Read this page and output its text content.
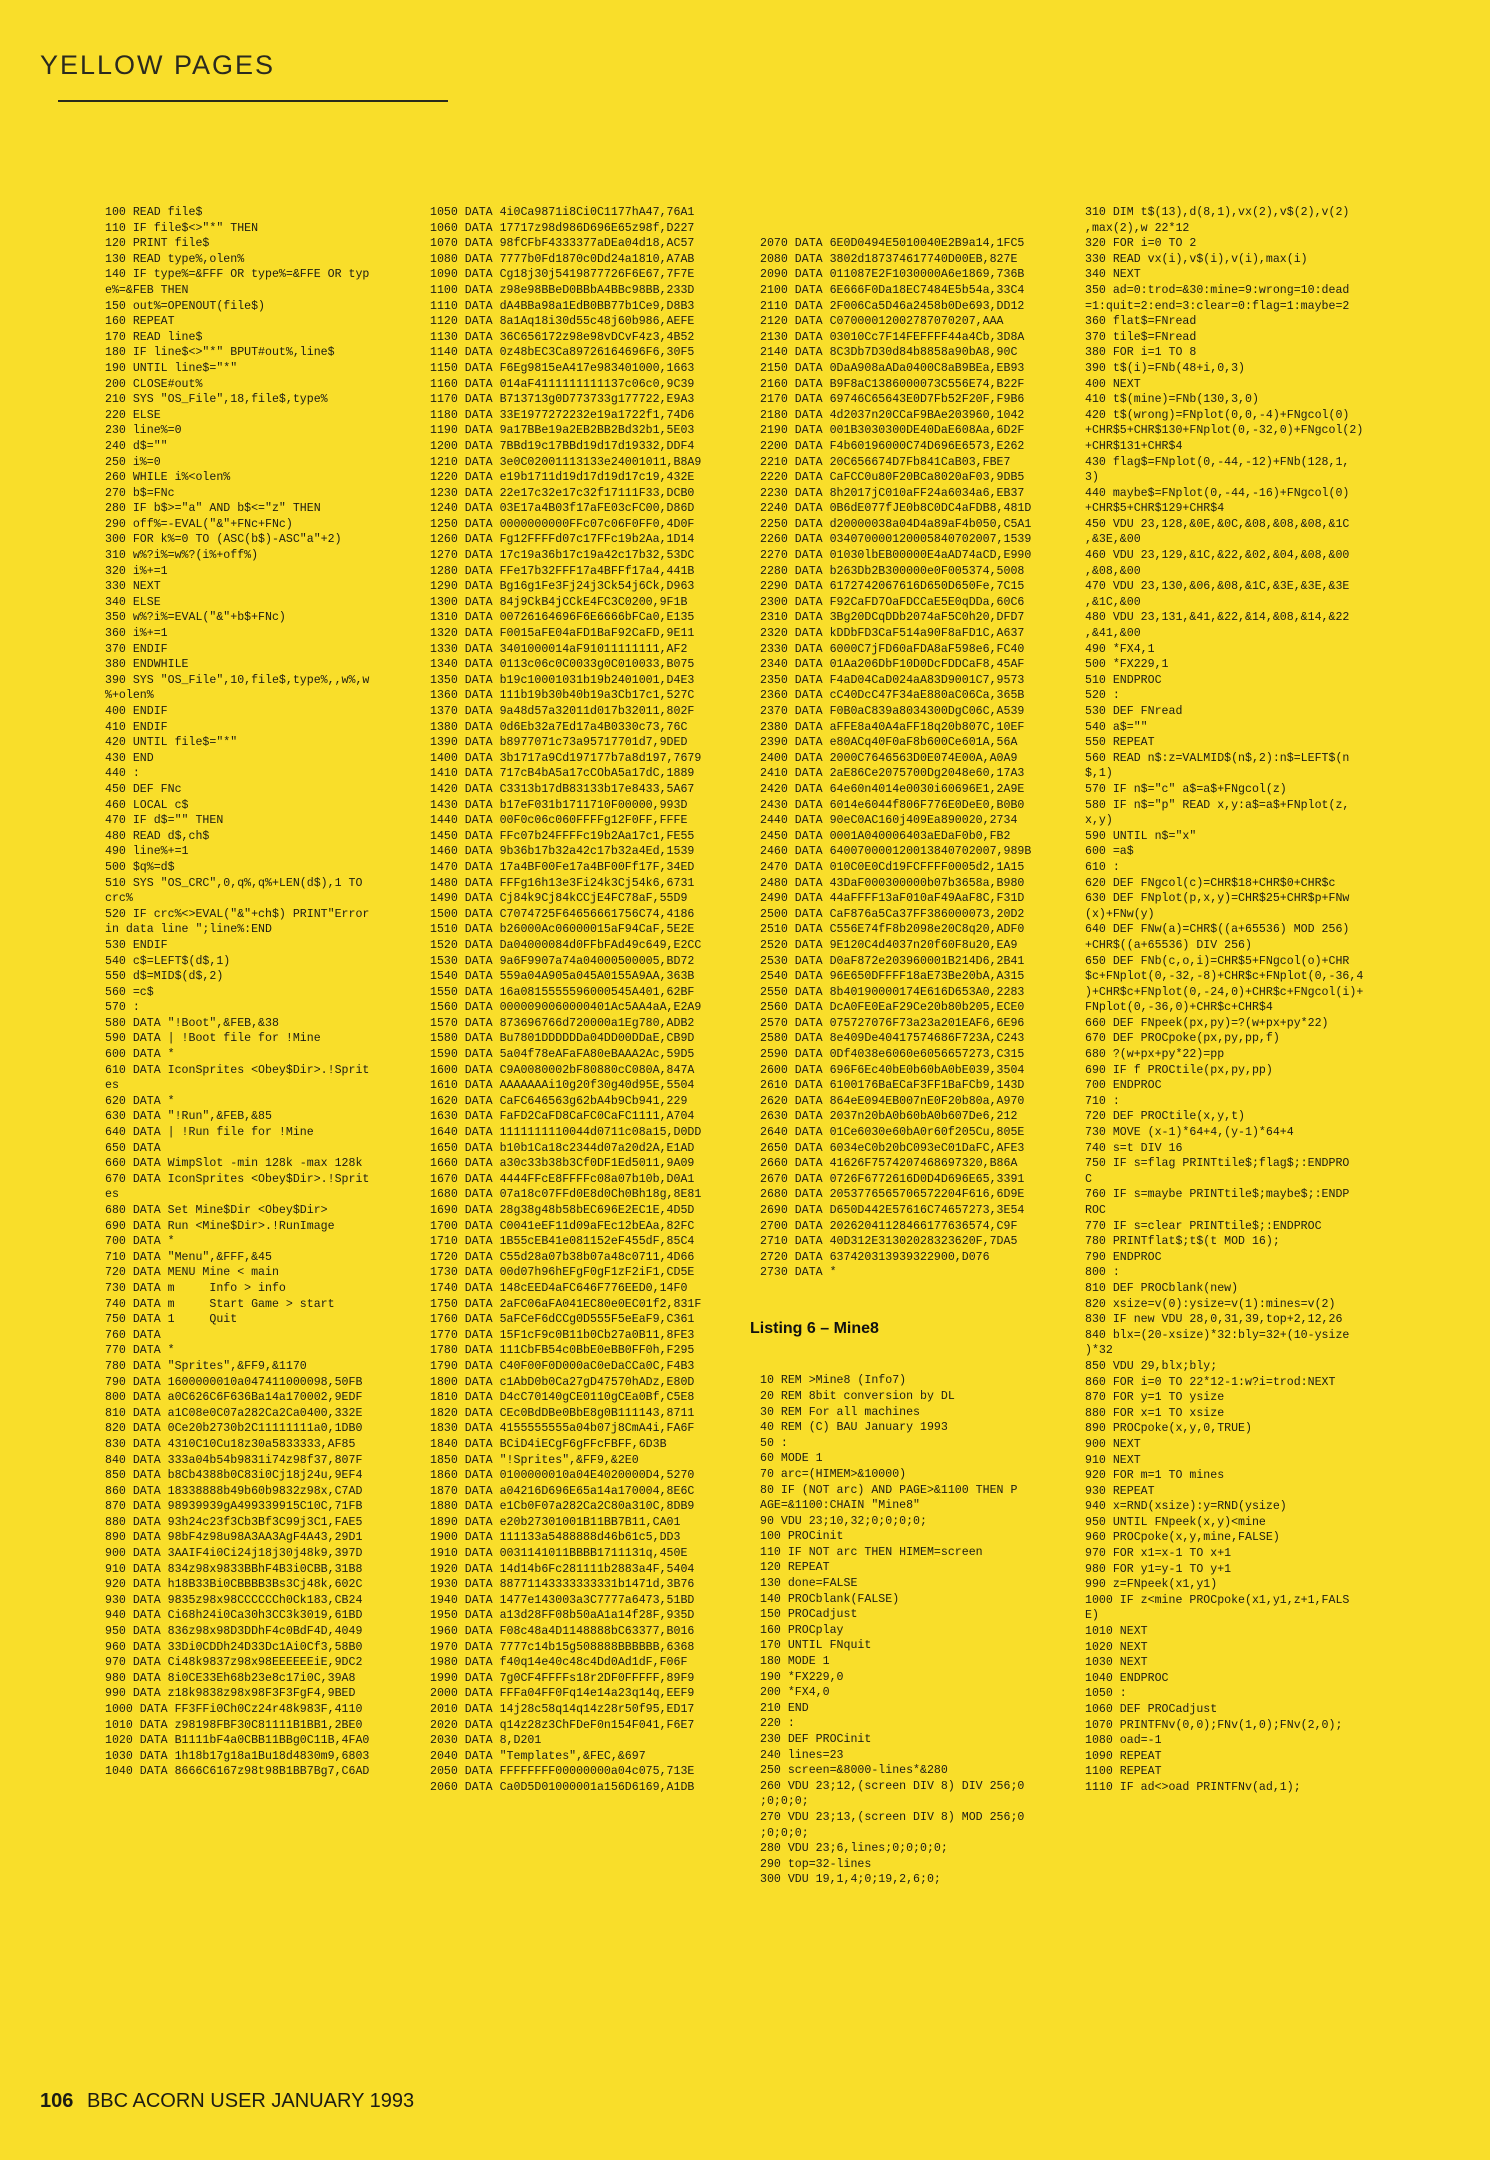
YELLOW PAGES
100 READ file$
110 IF file$<>"*" THEN
120 PRINT file$
130 READ type%,olen%
140 IF type%=&FFF OR type%=&FFE OR typ
e%=&FEB THEN
150 out%=OPENOUT(file$)
160 REPEAT
170 READ line$
180 IF line$<>"*" BPUT#out%,line$
190 UNTIL line$="*"
200 CLOSE#out%
210 SYS "OS_File",18,file$,type%
220 ELSE
230 line%=0
240 d$=""
250 i%=0
260 WHILE i%<olen%
270 b$=FNc
280 IF b$>="a" AND b$<="z" THEN
290 off%=-EVAL("&"+FNc+FNc)
300 FOR k%=0 TO (ASC(b$)-ASC"a"+2)
310 w%?i%=w%?(i%+off%)
320 i%+=1
330 NEXT
340 ELSE
350 w%?i%=EVAL("&"+b$+FNc)
360 i%+=1
370 ENDIF
380 ENDWHILE
390 SYS "OS_File",10,file$,type%,,w%,w
%+olen%
400 ENDIF
410 ENDIF
420 UNTIL file$="*"
430 END
440 :
450 DEF FNc
460 LOCAL c$
470 IF d$="" THEN
480 READ d$,ch$
490 line%+=1
500 $q%=d$
510 SYS "OS_CRC",0,q%,q%+LEN(d$),1 TO
crc%
520 IF crc%<>EVAL("&"+ch$) PRINT"Error
in data line ";line%:END
530 ENDIF
540 c$=LEFT$(d$,1)
550 d$=MID$(d$,2)
560 =c$
570 :
580 DATA "!Boot",&FEB,&38
590 DATA | !Boot file for !Mine
600 DATA *
610 DATA IconSprites <Obey$Dir>.!Sprit
es
620 DATA *
630 DATA "!Run",&FEB,&85
640 DATA | !Run file for !Mine
650 DATA
660 DATA WimpSlot -min 128k -max 128k
670 DATA IconSprites <Obey$Dir>.!Sprit
es
680 DATA Set Mine$Dir <Obey$Dir>
690 DATA Run <Mine$Dir>.!RunImage
700 DATA *
710 DATA "Menu",&FFF,&45
720 DATA MENU Mine < main
730 DATA m     Info > info
740 DATA m     Start Game > start
750 DATA 1     Quit
760 DATA
770 DATA *
780 DATA "Sprites",&FF9,&1170
790 DATA 1600000010a047411000098,50FB
800 DATA a0C626C6F636Ba14a170002,9EDF
810 DATA a1C08e0C07a282Ca2Ca0400,332E
820 DATA 0Ce20b2730b2C11111111a0,1DB0
830 DATA 4310C10Cu18z30a5833333,AF85
840 DATA 333a04b54b9831i74z98f37,807F
850 DATA b8Cb4388b0C83i0Cj18j24u,9EF4
860 DATA 18338888b49b60b9832z98x,C7AD
870 DATA 98939939gA499339915C10C,71FB
880 DATA 93h24c23f3Cb3Bf3C99j3C1,FAE5
890 DATA 98bF4z98u98A3AA3AgF4A43,29D1
900 DATA 3AAIF4i0Ci24j18j30j48k9,397D
910 DATA 834z98x9833BBhF4B3i0CBB,31B8
920 DATA h18B33Bi0CBBBB3Bs3Cj48k,602C
930 DATA 9835z98x98CCCCCCh0Ck183,CB24
940 DATA Ci68h24i0Ca30h3CC3k3019,61BD
950 DATA 836z98x98D3DDhF4c0BdF4D,4049
960 DATA 33Di0CDDh24D33Dc1Ai0Cf3,58B0
970 DATA Ci48k9837z98x98EEEEEEiE,9DC2
980 DATA 8i0CE33Eh68b23e8c17i0C,39A8
990 DATA z18k9838z98x98F3F3FgF4,9BED
1000 DATA FF3FFi0Ch0Cz24r48k983F,4110
1010 DATA z98198FBF30C81111B1BB1,2BE0
1020 DATA B1111bF4a0CBB11BBg0C11B,4FA0
1030 DATA 1h18b17g18a1Bu18d4830m9,6803
1040 DATA 8666C6167z98t98B1BB7Bg7,C6AD
1050 DATA 4i0Ca9871i8Ci0C1177hA47,76A1
1060 DATA 17717z98d986D696E65z98f,D227
1070 DATA 98fCFbF4333377aDEa04d18,AC57
1080 DATA 7777b0Fd1870c0Dd24a1810,A7AB
1090 DATA Cg18j30j5419877726F6E67,7F7E
1100 DATA z98e98BBeD0BBbA4BBc98BB,233D
1110 DATA dA4BBa98a1EdB0BB77b1Ce9,D8B3
1120 DATA 8a1Aq18i30d55c48j60b986,AEFE
1130 DATA 36C656172z98e98vDCvF4z3,4B52
1140 DATA 0z48bEC3Ca89726164696F6,30F5
1150 DATA F6Eg9815eA417e983401000,1663
1160 DATA 014aF4111111111137c06c0,9C39
1170 DATA B713713g0D773733g177722,E9A3
1180 DATA 33E1977272232e19a1722f1,74D6
1190 DATA 9a17BBe19a2EB2BB2Bd32b1,5E03
1200 DATA 7BBd19c17BBd19d17d19332,DDF4
1210 DATA 3e0C02001113133e24001011,B8A9
1220 DATA e19b1711d19d17d19d17c19,432E
1230 DATA 22e17c32e17c32f17111F33,DCB0
1240 DATA 03E17a4B03f17aFE03cFC00,D86D
1250 DATA 0000000000FFc07c06F0FF0,4D0F
1260 DATA Fg12FFFFd07c17FFc19b2Aa,1D14
1270 DATA 17c19a36b17c19a42c17b32,53DC
1280 DATA FFe17b32FFF17a4BFFf17a4,441B
1290 DATA Bg16g1Fe3Fj24j3Ck54j6Ck,D963
1300 DATA 84j9CkB4jCCkE4FC3C0200,9F1B
1310 DATA 00726164696F6E6666bFCa0,E135
1320 DATA F0015aFE04aFD1BaF92CaFD,9E11
1330 DATA 3401000014aF91011111111,AF2
1340 DATA 0113c06c0C0033g0C010033,B075
1350 DATA b19c10001031b19b2401001,D4E3
1360 DATA 111b19b30b40b19a3Cb17c1,527C
1370 DATA 9a48d57a32011d017b32011,802F
1380 DATA 0d6Eb32a7Ed17a4B0330c73,76C
1390 DATA b8977071c73a95717701d7,9DED
1400 DATA 3b1717a9Cd197177b7a8d197,7679
1410 DATA 717cB4bA5a17cCObA5a17dC,1889
1420 DATA C3313b17dB83133b17e8433,5A67
1430 DATA b17eF031b1711710F00000,993D
1440 DATA 00F0c06c060FFFFg12F0FF,FFFE
1450 DATA FFc07b24FFFFc19b2Aa17c1,FE55
1460 DATA 9b36b17b32a42c17b32a4Ed,1539
1470 DATA 17a4BF00Fe17a4BF00Ff17F,34ED
1480 DATA FFFg16h13e3Fi24k3Cj54k6,6731
1490 DATA Cj84k9Cj84kCCjE4FC78aF,55D9
1500 DATA C7074725F64656661756C74,4186
1510 DATA b26000Ac06000015aF94CaF,5E2E
1520 DATA Da04000084d0FFbFAd49c649,E2CC
1530 DATA 9a6F9907a74a04000500005,BD72
1540 DATA 559a04A905a045A0155A9AA,363B
1550 DATA 16a0815555596000545A401,62BF
1560 DATA 0000090060000401Ac5AA4aA,E2A9
1570 DATA 873696766d720000a1Eg780,ADB2
1580 DATA Bu7801DDDDDDa04DD00DDaE,CB9D
1590 DATA 5a04f78eAFaFA80eBAAA2Ac,59D5
1600 DATA C9A0080002bF80880cC080A,847A
1610 DATA AAAAAAAi10g20f30g40d95E,5504
1620 DATA CaFC646563g62bA4b9Cb941,229
1630 DATA FaFD2CaFD8CaFC0CaFC1111,A704
1640 DATA 1111111110044d0711c08a15,D0DD
1650 DATA b10b1Ca18c2344d07a20d2A,E1AD
1660 DATA a30c33b38b3Cf0DF1Ed5011,9A09
1670 DATA 4444FFcE8FFFFc08a07b10b,D0A1
1680 DATA 07a18c07FFd0E8d0Ch0Bh18g,8E81
1690 DATA 28g38g48b58bEC696E2EC1E,4D5D
1700 DATA C0041eEF11d09aFEc12bEAa,82FC
1710 DATA 1B55cEB41e081152eF455dF,85C4
1720 DATA C55d28a07b38b07a48c0711,4D66
1730 DATA 00d07h96hEFgF0gF1zF2iF1,CD5E
1740 DATA 148cEED4aFC646F776EED0,14F0
1750 DATA 2aFC06aFA041EC80e0EC01f2,831F
1760 DATA 5aFCeF6dCCg0D555F5eEaF9,C361
1770 DATA 15F1cF9c0B11b0Cb27a0B11,8FE3
1780 DATA 111CbFB54c0BbE0eBB0FF0h,F295
1790 DATA C40F00F0D000aC0eDaCCa0C,F4B3
1800 DATA c1AbD0b0Ca27gD47570hADz,E80D
1810 DATA D4cC70140gCE0110gCEa0Bf,C5E8
1820 DATA CEc0BdDBe0BbE8g0B111143,8711
1830 DATA 4155555555a04b07j8CmA4i,FA6F
1840 DATA BCiD4iECgF6gFFcFBFF,6D3B
1850 DATA "!Sprites",&FF9,&2E0
1860 DATA 0100000010a04E4020000D4,5270
1870 DATA a04216D696E65a14a170004,8E6C
1880 DATA e1Cb0F07a282Ca2C80a310C,8DB9
1890 DATA e20b27301001B11BB7B11,CA01
1900 DATA 111133a5488888d46b61c5,DD3
1910 DATA 0031141011BBBB1711131q,450E
1920 DATA 14d14b6Fc281111b2883a4F,5404
1930 DATA 88771143333333331b1471d,3B76
1940 DATA 1477e143003a3C7777a6473,51BD
1950 DATA a13d28FF08b50aA1a14f28F,935D
1960 DATA F08c48a4D1148888bC63377,B016
1970 DATA 7777c14b15g508888BBBBBB,6368
1980 DATA f40q14e40c48c4Dd0Ad1dF,F06F
1990 DATA 7g0CF4FFFFs18r2DF0FFFFF,89F9
2000 DATA FFFa04FF0Fq14e14a23q14q,EEF9
2010 DATA 14j28c58q14q14z28r50f95,ED17
2020 DATA q14z28z3ChFDeF0n154F041,F6E7
2030 DATA 8,D201
2040 DATA "Templates",&FEC,&697
2050 DATA FFFFFFFF00000000a04c075,713E
2060 DATA Ca0D5D01000001a156D6169,A1DB

2070 DATA 6E0D0494E5010040E2B9a14,1FC5
2080 DATA 3802d187374617740D00EB,827E
2090 DATA 011087E2F1030000A6e1869,736B
2100 DATA 6E666F0Da18EC7484E5b54a,33C4
2110 DATA 2F006Ca5D46a2458b0De693,DD12
2120 DATA C07000012002787070207,AAA
2130 DATA 03010Cc7F14FEFFFF44a4Cb,3D8A
2140 DATA 8C3Db7D30d84b8858a90bA8,90C
2150 DATA 0DaA908aADa0400C8aB9BEa,EB93
2160 DATA B9F8aC1386000073C556E74,B22F
2170 DATA 69746C65643E0D7Fb52F20F,F9B6
2180 DATA 4d2037n20CCaF9BAe203960,1042
2190 DATA 001B3030300DE40DaE608Aa,6D2F
2200 DATA F4b60196000C74D696E6573,E262
2210 DATA 20C656674D7Fb841CaB03,FBE7
2220 DATA CaFCC0u80F20BCa8020aF03,9DB5
2230 DATA 8h2017jC010aFF24a6034a6,EB37
2240 DATA 0B6dE077fJE0b8C0DC4aFDB8,481D
2250 DATA d20000038a04D4a89aF4b050,C5A1
2260 DATA 034070000120005840702007,1539
2270 DATA 01030lbEB00000E4aAD74aCD,E990
2280 DATA b263Db2B300000e0F005374,5008
2290 DATA 6172742067616D650D650Fe,7C15
2300 DATA F92CaFD7OaFDCCaE5E0qDDa,60C6
2310 DATA 3Bg20DCqDDb2074aF5C0h20,DFD7
2320 DATA kDDbFD3CaF514a90F8aFD1C,A637
2330 DATA 6000C7jFD60aFDA8aF598e6,FC40
2340 DATA 01Aa206DbF10D0DcFDDCaF8,45AF
2350 DATA F4aD04CaD024aA83D9001C7,9573
2360 DATA cC40DcC47F34aE880aC06Ca,365B
2370 DATA F0B0aC839a8034300DgC06C,A539
2380 DATA aFFE8a40A4aFF18q20b807C,10EF
2390 DATA e80ACq40F0aF8b600Ce601A,56A
2400 DATA 2000C7646563D0E074E00A,A0A9
2410 DATA 2aE86Ce2075700Dg2048e60,17A3
2420 DATA 64e60n4014e0030i60696E1,2A9E
2430 DATA 6014e6044f806F776E0DeE0,B0B0
2440 DATA 90eC0AC160j409Ea890020,2734
2450 DATA 0001A040006403aEDaF0b0,FB2
2460 DATA 640070000120013840702007,989B
2470 DATA 010C0E0Cd19FCFFFF0005d2,1A15
2480 DATA 43DaF000300000b07b3658a,B980
2490 DATA 44aFFFF13aF010aF49AaF8C,F31D
2500 DATA CaF876a5Ca37FF386000073,20D2
2510 DATA C556E74fF8b2098e20C8q20,ADF0
2520 DATA 9E120C4d4037n20f60F8u20,EA9
2530 DATA D0aF872e203960001B214D6,2B41
2540 DATA 96E650DFFFF18aE73Be20bA,A315
2550 DATA 8b40190000174E616D653A0,2283
2560 DATA DcA0FE0EaF29Ce20b80b205,ECE0
2570 DATA 075727076F73a23a201EAF6,6E96
2580 DATA 8e409De40417574686F723A,C243
2590 DATA 0Df4038e6060e6056657273,C315
2600 DATA 696F6Ec40bE0b60bA0bE039,3504
2610 DATA 6100176BaECaF3FF1BaFCb9,143D
2620 DATA 864eE094EB007nE0F20b80a,A970
2630 DATA 2037n20bA0b60bA0b607De6,212
2640 DATA 01Ce6030e60bA0r60f205Cu,805E
2650 DATA 6034eC0b20bC093eC01DaFC,AFE3
2660 DATA 41626F7574207468697320,B86A
2670 DATA 0726F6772616D0D4D696E65,3391
2680 DATA 2053776565706572204F616,6D9E
2690 DATA D650D442E57616C74657273,3E54
2700 DATA 20262041128466177636574,C9F
2710 DATA 40D312E31302028323620F,7DA5
2720 DATA 637420313939322900,D076
2730 DATA *

Listing 6 – Mine8

10 REM >Mine8 (Info7)
20 REM 8bit conversion by DL
30 REM For all machines
40 REM (C) BAU January 1993
50 :
60 MODE 1
70 arc=(HIMEM>&10000)
80 IF (NOT arc) AND PAGE>&1100 THEN P
AGE=&1100:CHAIN "Mine8"
90 VDU 23;10,32;0;0;0;0;
100 PROCinit
110 IF NOT arc THEN HIMEM=screen
120 REPEAT
130 done=FALSE
140 PROCblank(FALSE)
150 PROCadjust
160 PROCplay
170 UNTIL FNquit
180 MODE 1
190 *FX229,0
200 *FX4,0
210 END
220 :
230 DEF PROCinit
240 lines=23
250 screen=&8000-lines*&280
260 VDU 23;12,(screen DIV 8) DIV 256;0
;0;0;0;
270 VDU 23;13,(screen DIV 8) MOD 256;0
;0;0;0;
280 VDU 23;6,lines;0;0;0;0;
290 top=32-lines
300 VDU 19,1,4;0;19,2,6;0;

310 DIM t$(13),d(8,1),vx(2),v$(2),v(2)
,max(2),w 22*12
320 FOR i=0 TO 2
330 READ vx(i),v$(i),v(i),max(i)
340 NEXT
350 ad=0:trod=&30:mine=9:wrong=10:dead
=1:quit=2:end=3:clear=0:flag=1:maybe=2
360 flat$=FNread
370 tile$=FNread
380 FOR i=1 TO 8
390 t$(i)=FNb(48+i,0,3)
400 NEXT
410 t$(mine)=FNb(130,3,0)
420 t$(wrong)=FNplot(0,0,-4)+FNgcol(0)
+CHR$5+CHR$130+FNplot(0,-32,0)+FNgcol(2)
+CHR$131+CHR$4
430 flag$=FNplot(0,-44,-12)+FNb(128,1,
3)
440 maybe$=FNplot(0,-44,-16)+FNgcol(0)
+CHR$5+CHR$129+CHR$4
450 VDU 23,128,&0E,&0C,&08,&08,&08,&1C
,&3E,&00
460 VDU 23,129,&1C,&22,&02,&04,&08,&00
,&08,&00
470 VDU 23,130,&06,&08,&1C,&3E,&3E,&3E
,&1C,&00
480 VDU 23,131,&41,&22,&14,&08,&14,&22
,&41,&00
490 *FX4,1
500 *FX229,1
510 ENDPROC
520 :
530 DEF FNread
540 a$=""
550 REPEAT
560 READ n$:z=VALMID$(n$,2):n$=LEFT$(n
$,1)
570 IF n$="c" a$=a$+FNgcol(z)
580 IF n$="p" READ x,y:a$=a$+FNplot(z,
x,y)
590 UNTIL n$="x"
600 =a$
610 :
620 DEF FNgcol(c)=CHR$18+CHR$0+CHR$c
630 DEF FNplot(p,x,y)=CHR$25+CHR$p+FNw
(x)+FNw(y)
640 DEF FNw(a)=CHR$((a+65536) MOD 256)
+CHR$((a+65536) DIV 256)
650 DEF FNb(c,o,i)=CHR$5+FNgcol(o)+CHR
$c+FNplot(0,-32,-8)+CHR$c+FNplot(0,-36,4
)+CHR$c+FNplot(0,-24,0)+CHR$c+FNgcol(i)+
FNplot(0,-36,0)+CHR$c+CHR$4
660 DEF FNpeek(px,py)=?(w+px+py*22)
670 DEF PROCpoke(px,py,pp,f)
680 ?(w+px+py*22)=pp
690 IF f PROCtile(px,py,pp)
700 ENDPROC
710 :
720 DEF PROCtile(x,y,t)
730 MOVE (x-1)*64+4,(y-1)*64+4
740 s=t DIV 16
750 IF s=flag PRINTtile$;flag$;:ENDPRO
C
760 IF s=maybe PRINTtile$;maybe$;:ENDP
ROC
770 IF s=clear PRINTtile$;:ENDPROC
780 PRINTflat$;t$(t MOD 16);
790 ENDPROC
800 :
810 DEF PROCblank(new)
820 xsize=v(0):ysize=v(1):mines=v(2)
830 IF new VDU 28,0,31,39,top+2,12,26
840 blx=(20-xsize)*32:bly=32+(10-ysize
)*32
850 VDU 29,blx;bly;
860 FOR i=0 TO 22*12-1:w?i=trod:NEXT
870 FOR y=1 TO ysize
880 FOR x=1 TO xsize
890 PROCpoke(x,y,0,TRUE)
900 NEXT
910 NEXT
920 FOR m=1 TO mines
930 REPEAT
940 x=RND(xsize):y=RND(ysize)
950 UNTIL FNpeek(x,y)<mine
960 PROCpoke(x,y,mine,FALSE)
970 FOR x1=x-1 TO x+1
980 FOR y1=y-1 TO y+1
990 z=FNpeek(x1,y1)
1000 IF z<mine PROCpoke(x1,y1,z+1,FALS
E)
1010 NEXT
1020 NEXT
1030 NEXT
1040 ENDPROC
1050 :
1060 DEF PROCadjust
1070 PRINTFNv(0,0);FNv(1,0);FNv(2,0);
1080 oad=-1
1090 REPEAT
1100 REPEAT
1110 IF ad<>oad PRINTFNv(ad,1);
106 BBC ACORN USER JANUARY 1993
